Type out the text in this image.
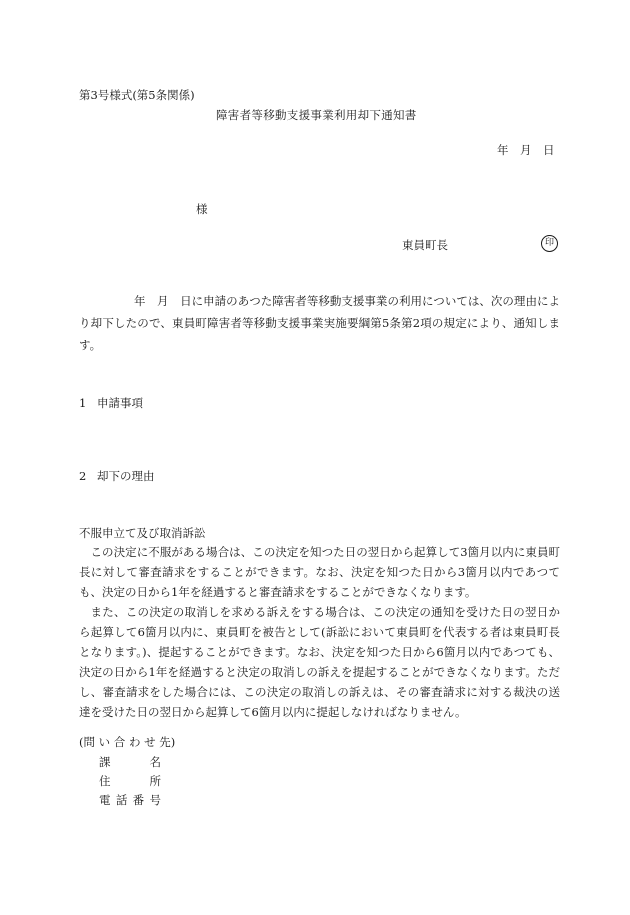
第3号様式(第5条関係)
障害者等移動支援事業利用却下通知書
年　月　日
様
東員町長	印
年　月　日に申請のあつた障害者等移動支援事業の利用については、次の理由により却下したので、東員町障害者等移動支援事業実施要綱第5条第2項の規定により、通知します。
1 申請事項
2 却下の理由
不服申立て及び取消訴訟

この決定に不服がある場合は、この決定を知つた日の翌日から起算して3箇月以内に東員町長に対して審査請求をすることができます。なお、決定を知つた日から3箇月以内であつても、決定の日から1年を経過すると審査請求をすることができなくなります。

また、この決定の取消しを求める訴えをする場合は、この決定の通知を受けた日の翌日から起算して6箇月以内に、東員町を被告として(訴訟において東員町を代表する者は東員町長となります。)、提起することができます。なお、決定を知つた日から6箇月以内であつても、決定の日から1年を経過すると決定の取消しの訴えを提起することができなくなります。ただし、審査請求をした場合には、この決定の取消しの訴えは、その審査請求に対する裁決の送達を受けた日の翌日から起算して6箇月以内に提起しなければなりません。

(問 い 合 わ せ 先)
課名
住所
電話番号
